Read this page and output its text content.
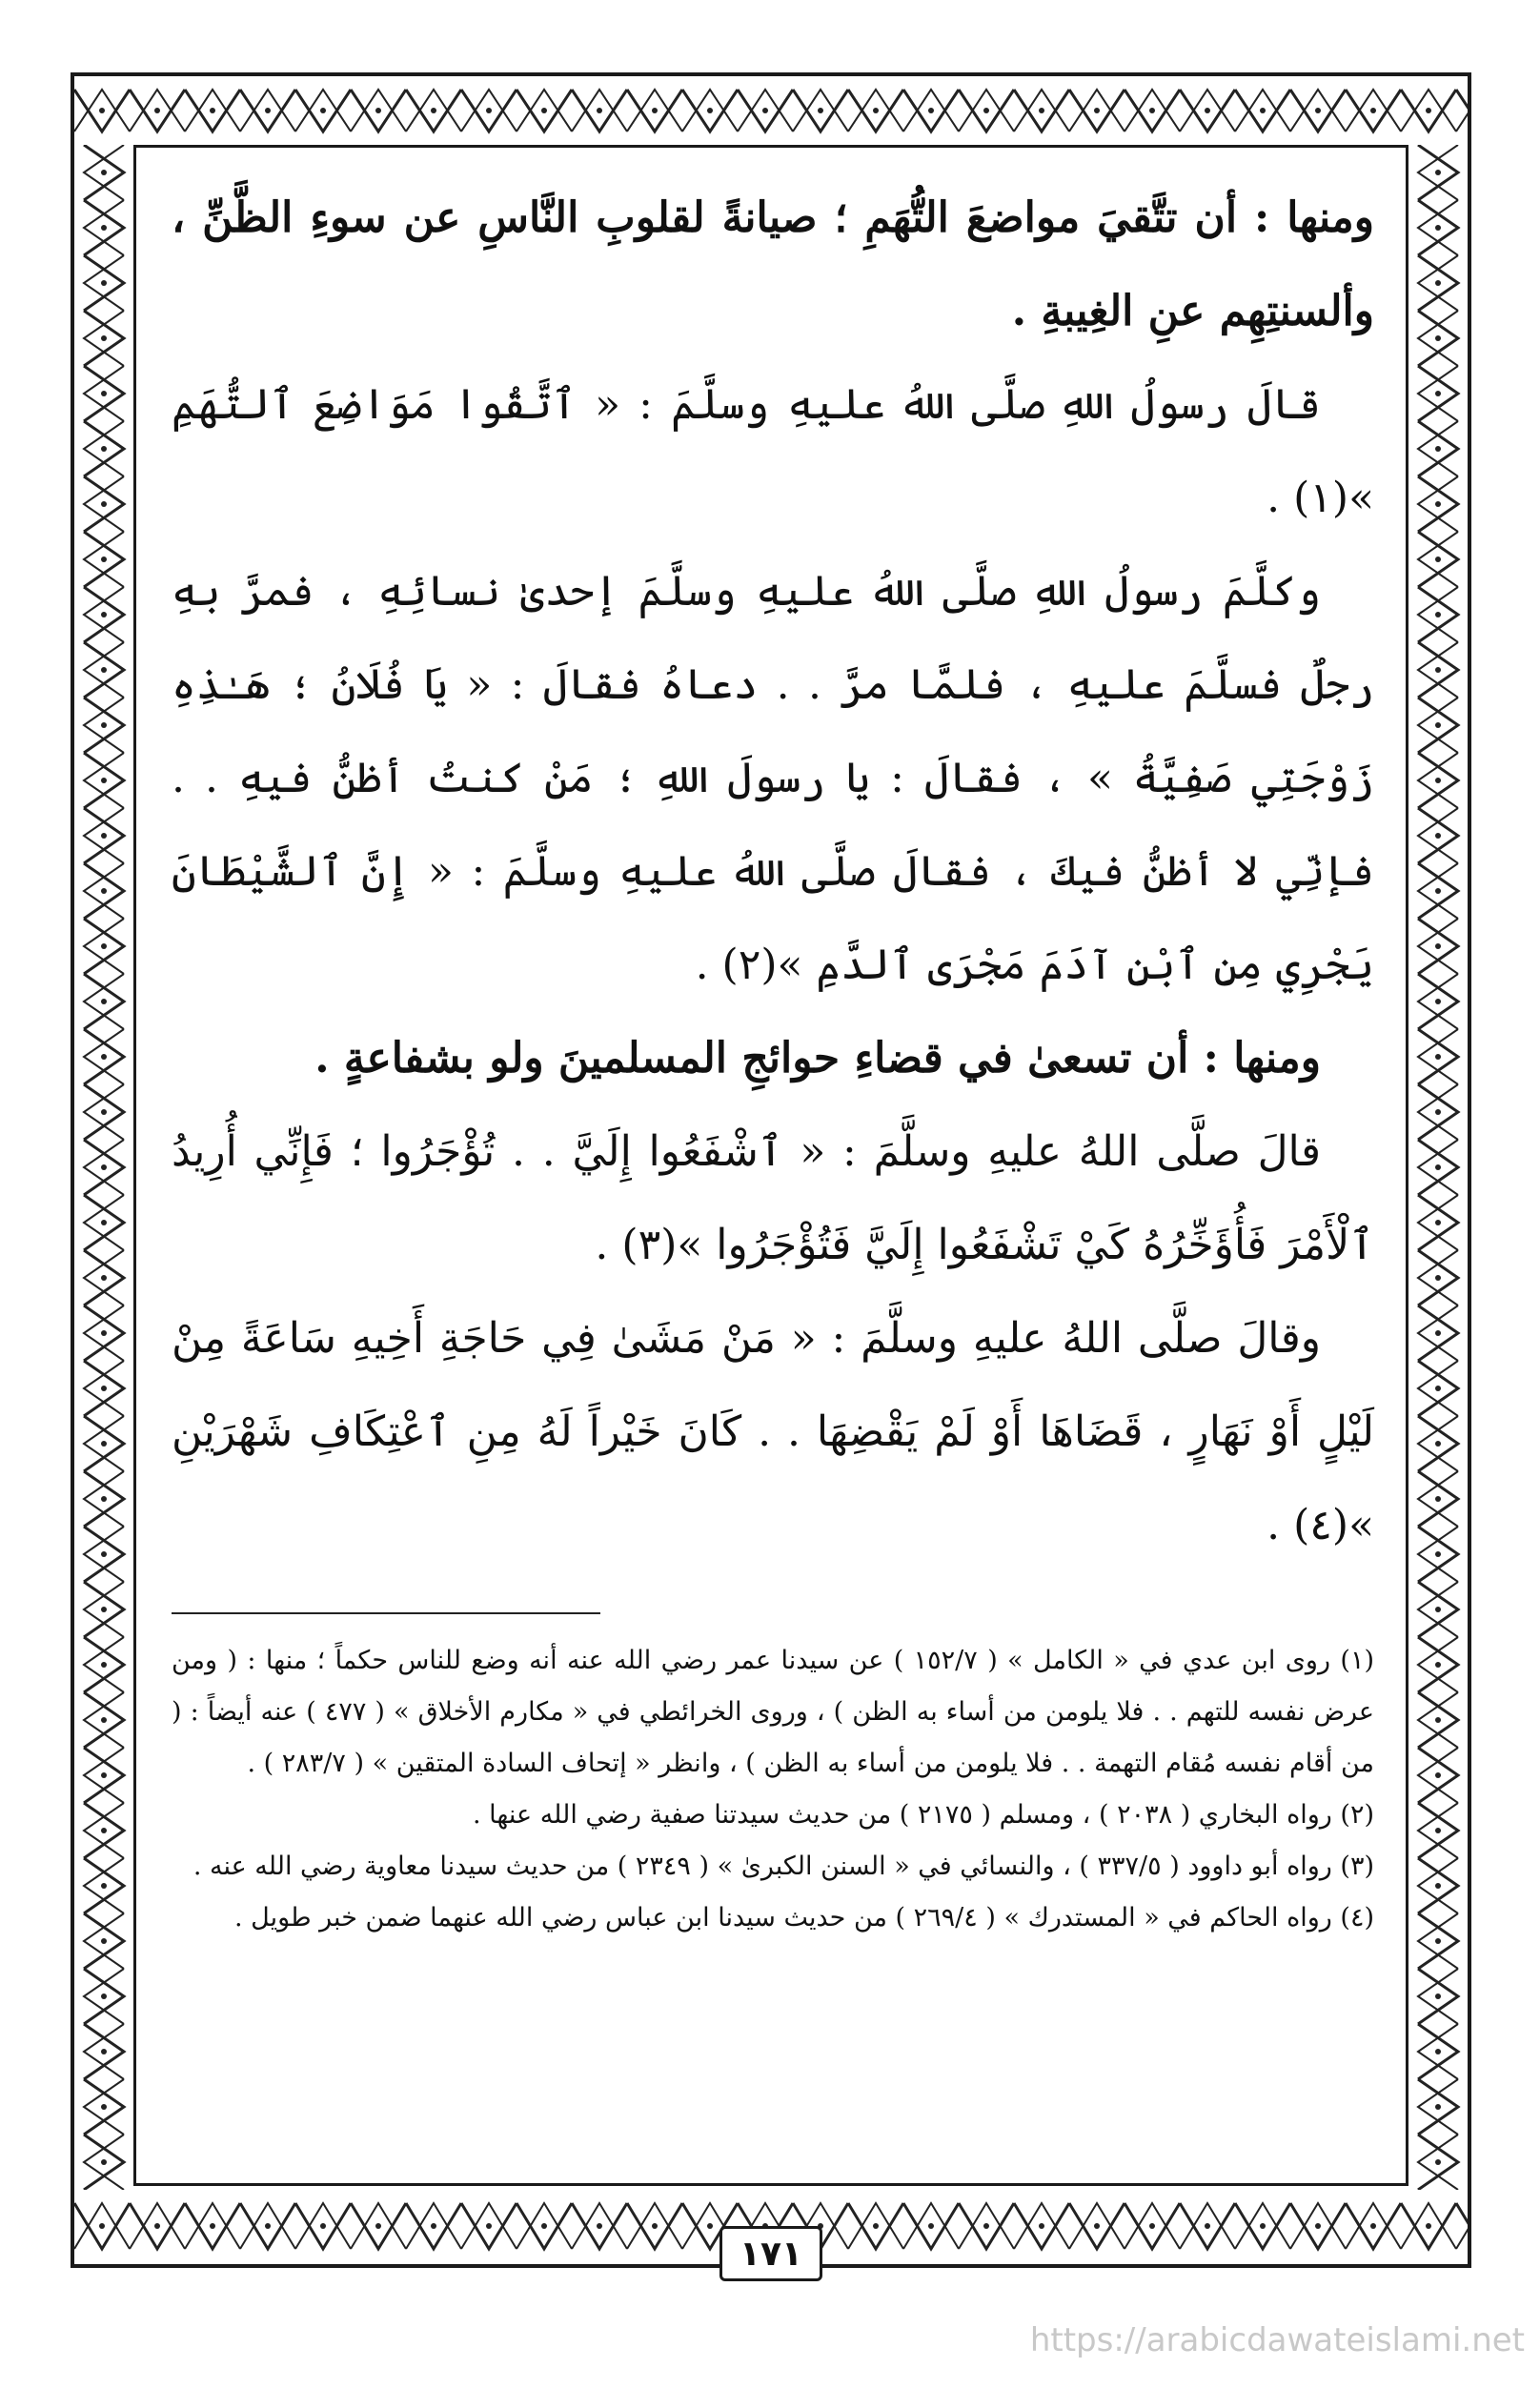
ومنها : أن تتَّقيَ مواضعَ التُّهَمِ ؛ صيانةً لقلوبِ النَّاسِ عن سوءِ الظَّنِّ ، وألسنتِهِم عنِ الغِيبةِ .

قالَ رسولُ اللهِ صلَّى اللهُ عليهِ وسلَّمَ : « ٱتَّقُوا مَوَاضِعَ ٱلتُّهَمِ »(١) .

وكلَّمَ رسولُ اللهِ صلَّى اللهُ عليهِ وسلَّمَ إحدىٰ نسائِهِ ، فمرَّ بهِ رجلٌ فسلَّمَ عليهِ ، فلمَّا مرَّ . . دعاهُ فقالَ : « يَا فُلَانُ ؛ هَـٰذِهِ زَوْجَتِي صَفِيَّةُ » ، فقالَ : يا رسولَ اللهِ ؛ مَنْ كنتُ أظنُّ فيهِ . . فإنِّي لا أظنُّ فيكَ ، فقالَ صلَّى اللهُ عليهِ وسلَّمَ : « إِنَّ ٱلشَّيْطَانَ يَجْرِي مِنِ ٱبْنِ آدَمَ مَجْرَى ٱلدَّمِ »(٢) .

ومنها : أن تسعىٰ في قضاءِ حوائجِ المسلمينَ ولو بشفاعةٍ .

قالَ صلَّى اللهُ عليهِ وسلَّمَ : « ٱشْفَعُوا إِلَيَّ . . تُؤْجَرُوا ؛ فَإِنِّي أُرِيدُ ٱلْأَمْرَ فَأُؤَخِّرُهُ كَيْ تَشْفَعُوا إِلَيَّ فَتُؤْجَرُوا »(٣) .

وقالَ صلَّى اللهُ عليهِ وسلَّمَ : « مَنْ مَشَىٰ فِي حَاجَةِ أَخِيهِ سَاعَةً مِنْ لَيْلٍ أَوْ نَهَارٍ ، قَضَاهَا أَوْ لَمْ يَقْضِهَا . . كَانَ خَيْراً لَهُ مِنِ ٱعْتِكَافِ شَهْرَيْنِ »(٤) .

(١) روى ابن عدي في « الكامل » ( ١٥٢/٧ ) عن سيدنا عمر رضي الله عنه أنه وضع للناس حكماً ؛ منها : ( ومن عرض نفسه للتهم . . فلا يلومن من أساء به الظن ) ، وروى الخرائطي في « مكارم الأخلاق » ( ٤٧٧ ) عنه أيضاً : ( من أقام نفسه مُقام التهمة . . فلا يلومن من أساء به الظن ) ، وانظر « إتحاف السادة المتقين » ( ٢٨٣/٧ ) .

(٢) رواه البخاري ( ٢٠٣٨ ) ، ومسلم ( ٢١٧٥ ) من حديث سيدتنا صفية رضي الله عنها .

(٣) رواه أبو داوود ( ٣٣٧/٥ ) ، والنسائي في « السنن الكبرىٰ » ( ٢٣٤٩ ) من حديث سيدنا معاوية رضي الله عنه .

(٤) رواه الحاكم في « المستدرك » ( ٢٦٩/٤ ) من حديث سيدنا ابن عباس رضي الله عنهما ضمن خبر طويل .

١٧١
https://arabicdawateislami.net
